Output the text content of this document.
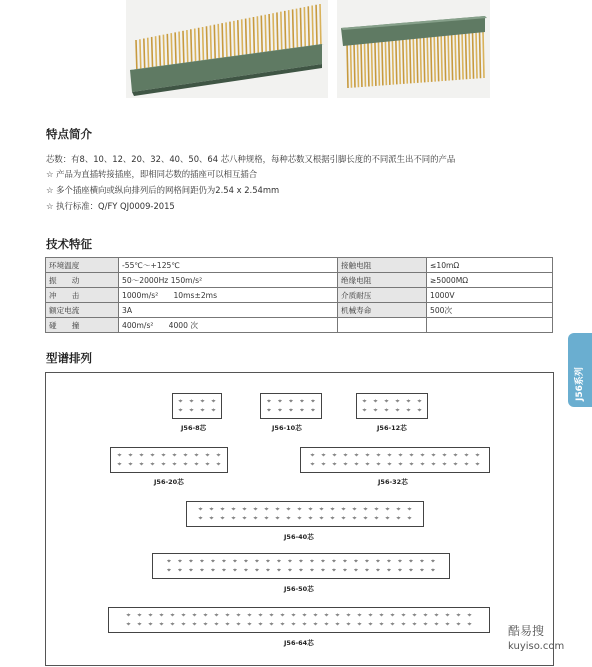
特点简介
芯数：有8、10、12、20、32、40、50、64 芯八种规格，每种芯数又根据引脚长度的不同派生出不同的产品
☆ 产品为直插转接插座，即相同芯数的插座可以相互插合
☆ 多个插座横向或纵向排列后的网格间距仍为2.54 x 2.54mm
☆ 执行标准：Q/FY QJ0009-2015
技术特征
环境温度	-55℃～+125℃	接触电阻	≤10mΩ
振　　动	50～2000Hz 150m/s²	绝缘电阻	≥5000MΩ
冲　　击	1000m/s²　　10ms±2ms	介质耐压	1000V
额定电流	3A	机械寿命	500次
碰　　撞	400m/s²　　4000 次		
J56系列
型谱排列
⌖	⌖	⌖	⌖
⌖	⌖	⌖	⌖
J56-8芯
⌖	⌖	⌖	⌖	⌖
⌖	⌖	⌖	⌖	⌖
J56-10芯
⌖	⌖	⌖	⌖	⌖	⌖
⌖	⌖	⌖	⌖	⌖	⌖
J56-12芯
⌖	⌖	⌖	⌖	⌖	⌖	⌖	⌖	⌖	⌖
⌖	⌖	⌖	⌖	⌖	⌖	⌖	⌖	⌖	⌖
J56-20芯
⌖	⌖	⌖	⌖	⌖	⌖	⌖	⌖	⌖	⌖	⌖	⌖	⌖	⌖	⌖	⌖
⌖	⌖	⌖	⌖	⌖	⌖	⌖	⌖	⌖	⌖	⌖	⌖	⌖	⌖	⌖	⌖
J56-32芯
⌖	⌖	⌖	⌖	⌖	⌖	⌖	⌖	⌖	⌖	⌖	⌖	⌖	⌖	⌖	⌖	⌖	⌖	⌖	⌖
⌖	⌖	⌖	⌖	⌖	⌖	⌖	⌖	⌖	⌖	⌖	⌖	⌖	⌖	⌖	⌖	⌖	⌖	⌖	⌖
J56-40芯
⌖	⌖	⌖	⌖	⌖	⌖	⌖	⌖	⌖	⌖	⌖	⌖	⌖	⌖	⌖	⌖	⌖	⌖	⌖	⌖	⌖	⌖	⌖	⌖	⌖
⌖	⌖	⌖	⌖	⌖	⌖	⌖	⌖	⌖	⌖	⌖	⌖	⌖	⌖	⌖	⌖	⌖	⌖	⌖	⌖	⌖	⌖	⌖	⌖	⌖
J56-50芯
⌖	⌖	⌖	⌖	⌖	⌖	⌖	⌖	⌖	⌖	⌖	⌖	⌖	⌖	⌖	⌖	⌖	⌖	⌖	⌖	⌖	⌖	⌖	⌖	⌖	⌖	⌖	⌖	⌖	⌖	⌖	⌖
⌖	⌖	⌖	⌖	⌖	⌖	⌖	⌖	⌖	⌖	⌖	⌖	⌖	⌖	⌖	⌖	⌖	⌖	⌖	⌖	⌖	⌖	⌖	⌖	⌖	⌖	⌖	⌖	⌖	⌖	⌖	⌖
J56-64芯
酷易搜
kuyiso.com
